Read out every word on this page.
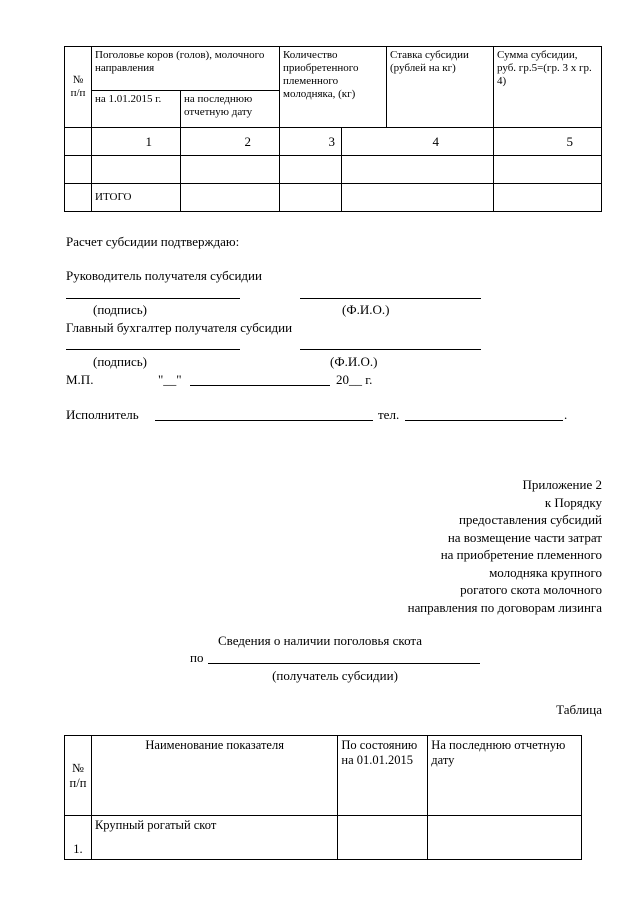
№ п/п	Поголовье коров (голов), молочного направления		Количество приобретенного племенного молодняка, (кг)		Ставка субсидии (рублей на кг)	Сумма субсидии, руб. гр.5=(гр. 3 х гр. 4)
	на 1.01.2015 г.	на последнюю отчетную дату				
	1	2	3	4		5

	ИТОГО					
Расчет субсидии подтверждаю:
Руководитель получателя субсидии
(подпись)	(Ф.И.О.)
Главный бухгалтер получателя субсидии
(подпись)	(Ф.И.О.)
М.П.	"__"	20__ г.
Исполнитель	тел.	.
Приложение 2
к Порядку
предоставления субсидий
на возмещение части затрат
на приобретение племенного
молодняка крупного
рогатого скота молочного
направления по договорам лизинга
Сведения о наличии поголовья скота
по
(получатель субсидии)
Таблица
№ п/п	Наименование показателя	По состоянию на 01.01.2015	На последнюю отчетную дату
1.	Крупный рогатый скот		
